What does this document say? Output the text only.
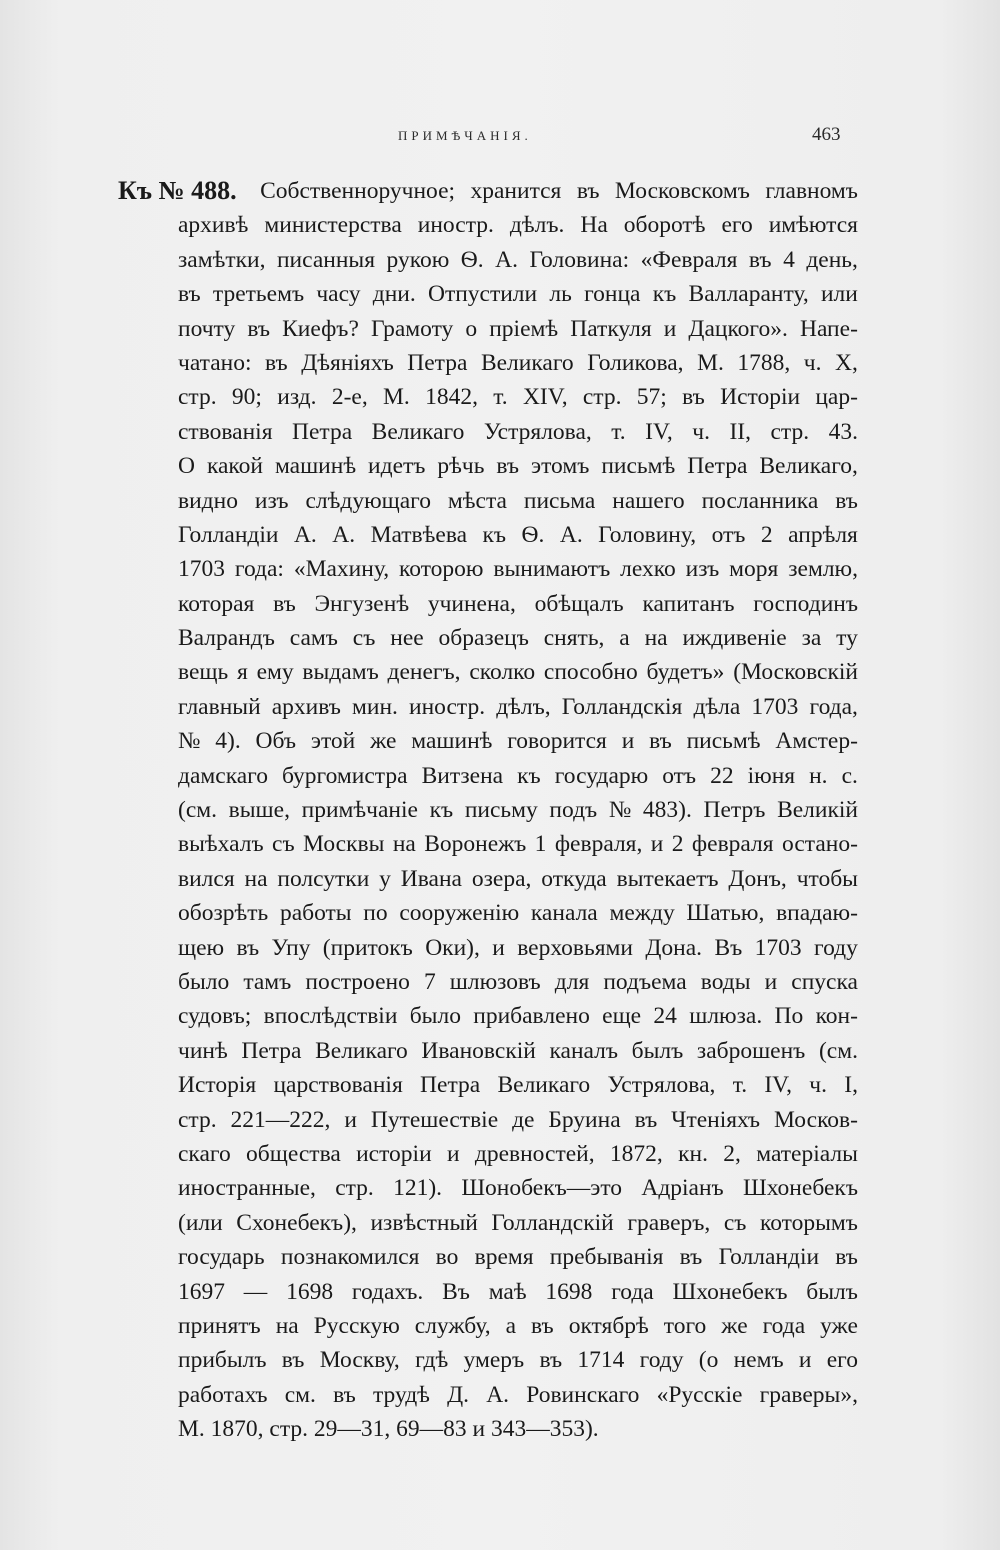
ПРИМѢЧАНІЯ.	463
Къ № 488. Собственноручное; хранится въ Московскомъ главномъ
архивѣ министерства иностр. дѣлъ. На оборотѣ его имѣются
замѣтки, писанныя рукою Ѳ. А. Головина: «Февраля въ 4 день,
въ третьемъ часу дни. Отпустили ль гонца къ Валларанту, или
почту въ Киефъ? Грамоту о пріемѣ Паткуля и Дацкого». Напе-
чатано: въ Дѣяніяхъ Петра Великаго Голикова, М. 1788, ч. X,
стр. 90; изд. 2-е, М. 1842, т. XIV, стр. 57; въ Исторіи цар-
ствованія Петра Великаго Устрялова, т. IV, ч. II, стр. 43.
О какой машинѣ идетъ рѣчь въ этомъ письмѣ Петра Великаго,
видно изъ слѣдующаго мѣста письма нашего посланника въ
Голландіи А. А. Матвѣева къ Ѳ. А. Головину, отъ 2 апрѣля
1703 года: «Махину, которою вынимаютъ лехко изъ моря землю,
которая въ Энгузенѣ учинена, обѣщалъ капитанъ господинъ
Валрандъ самъ съ нее образецъ снять, а на иждивеніе за ту
вещь я ему выдамъ денегъ, сколко способно будетъ» (Московскій
главный архивъ мин. иностр. дѣлъ, Голландскія дѣла 1703 года,
№ 4). Объ этой же машинѣ говорится и въ письмѣ Амстер-
дамскаго бургомистра Витзена къ государю отъ 22 іюня н. с.
(см. выше, примѣчаніе къ письму подъ № 483). Петръ Великій
выѣхалъ съ Москвы на Воронежъ 1 февраля, и 2 февраля остано-
вился на полсутки у Ивана озера, откуда вытекаетъ Донъ, чтобы
обозрѣть работы по сооруженію канала между Шатью, впадаю-
щею въ Упу (притокъ Оки), и верховьями Дона. Въ 1703 году
было тамъ построено 7 шлюзовъ для подъема воды и спуска
судовъ; впослѣдствіи было прибавлено еще 24 шлюза. По кон-
чинѣ Петра Великаго Ивановскій каналъ былъ заброшенъ (см.
Исторія царствованія Петра Великаго Устрялова, т. IV, ч. I,
стр. 221—222, и Путешествіе де Бруина въ Чтеніяхъ Москов-
скаго общества исторіи и древностей, 1872, кн. 2, матеріалы
иностранные, стр. 121). Шонобекъ—это Адріанъ Шхонебекъ
(или Схонебекъ), извѣстный Голландскій граверъ, съ которымъ
государь познакомился во время пребыванія въ Голландіи въ
1697 — 1698 годахъ. Въ маѣ 1698 года Шхонебекъ былъ
принятъ на Русскую службу, а въ октябрѣ того же года уже
прибылъ въ Москву, гдѣ умеръ въ 1714 году (о немъ и его
работахъ см. въ трудѣ Д. А. Ровинскаго «Русскіе граверы»,
М. 1870, стр. 29—31, 69—83 и 343—353).
